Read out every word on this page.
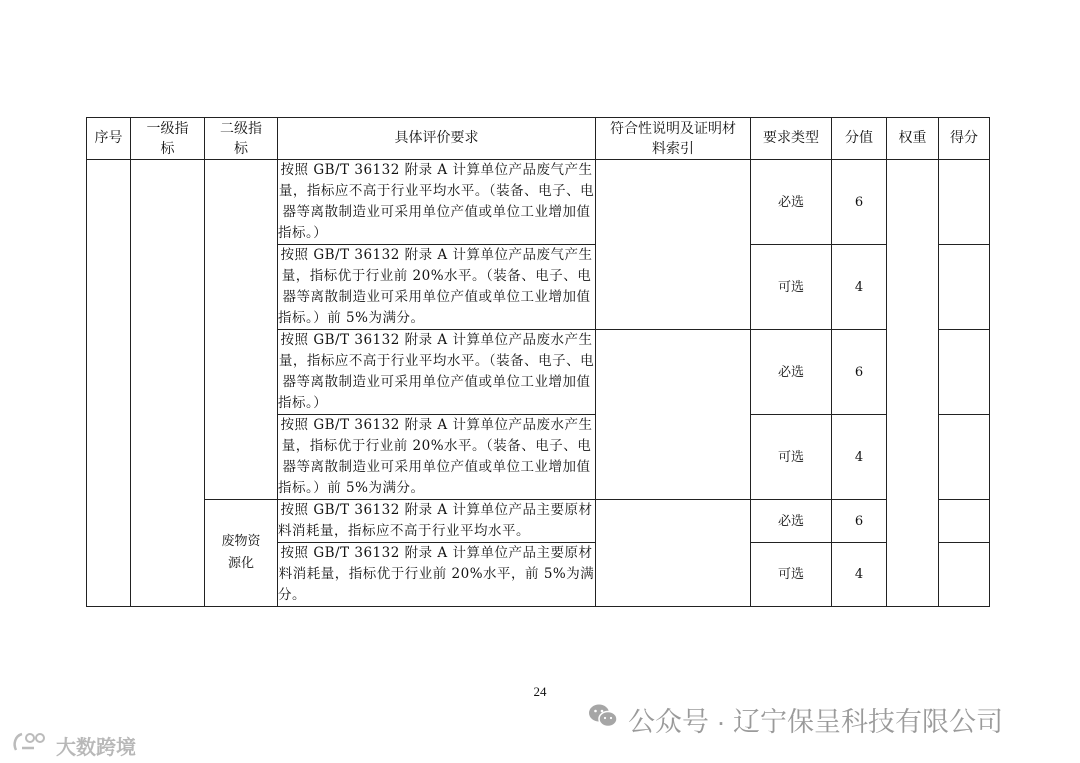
序号	一级指标	二级指标	具体评价要求	符合性说明及证明材料索引	要求类型	分值	权重	得分
			按照 GB/T 36132 附录 A 计算单位产品废气产生量，指标应不高于行业平均水平。（装备、电子、电器等离散制造业可采用单位产值或单位工业增加值指标。）		必选	6		
			按照 GB/T 36132 附录 A 计算单位产品废气产生量，指标优于行业前 20%水平。（装备、电子、电器等离散制造业可采用单位产值或单位工业增加值指标。）前 5%为满分。		可选	4		
			按照 GB/T 36132 附录 A 计算单位产品废水产生量，指标应不高于行业平均水平。（装备、电子、电器等离散制造业可采用单位产值或单位工业增加值指标。）		必选	6		
			按照 GB/T 36132 附录 A 计算单位产品废水产生量，指标优于行业前 20%水平。（装备、电子、电器等离散制造业可采用单位产值或单位工业增加值指标。）前 5%为满分。		可选	4		
		废物资源化	按照 GB/T 36132 附录 A 计算单位产品主要原材料消耗量，指标应不高于行业平均水平。		必选	6		
			按照 GB/T 36132 附录 A 计算单位产品主要原材料消耗量，指标优于行业前 20%水平，前 5%为满分。		可选	4		
24
公众号 · 辽宁保呈科技有限公司
大数跨境
